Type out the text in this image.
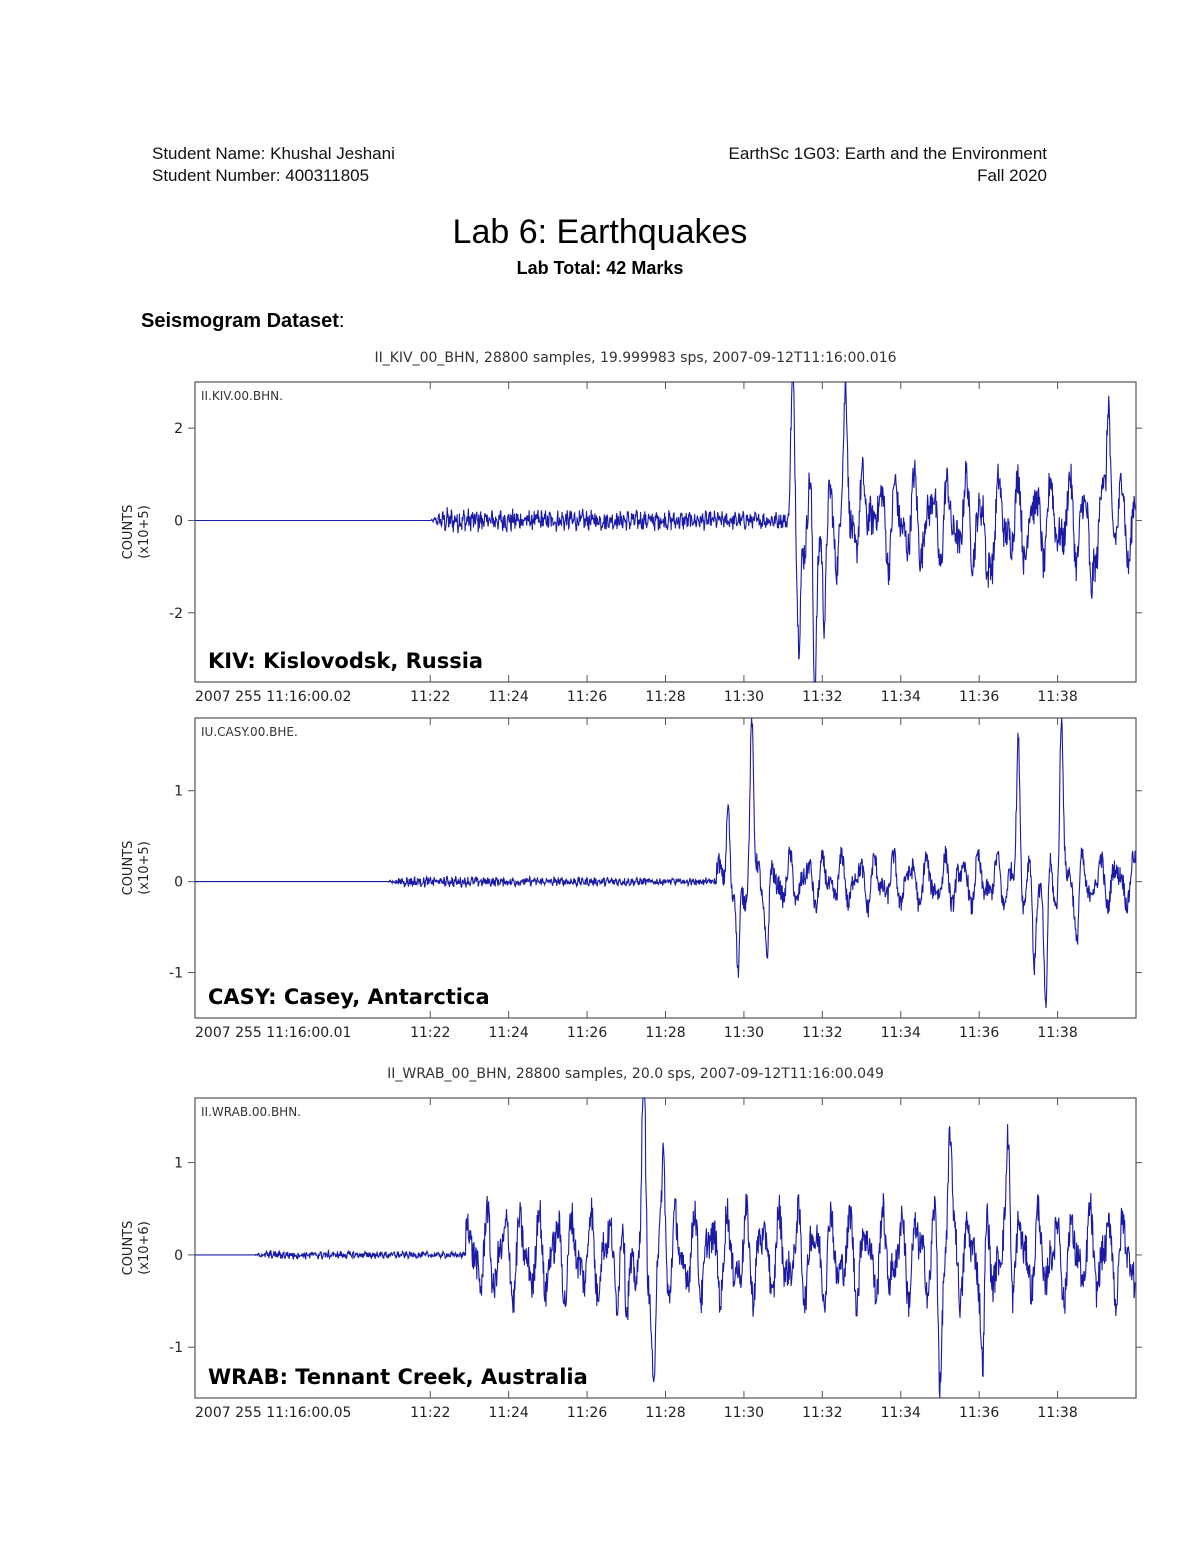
Student Name: Khushal Jeshani
Student Number: 400311805
EarthSc 1G03: Earth and the Environment
Fall 2020
Lab 6: Earthquakes
Lab Total: 42 Marks
Seismogram Dataset:
II_KIV_00_BHN, 28800 samples, 19.999983 sps, 2007-09-12T11:16:00.016
2007 255 11:16:00.02	11:22	11:24	11:26	11:28	11:30	11:32	11:34	11:36	11:38
2
0
-2
COUNTS (x10+5)
II.KIV.00.BHN.
KIV: Kislovodsk, Russia
2007 255 11:16:00.01	11:22	11:24	11:26	11:28	11:30	11:32	11:34	11:36	11:38
1
0
-1
COUNTS (x10+5)
IU.CASY.00.BHE.
CASY: Casey, Antarctica
II_WRAB_00_BHN, 28800 samples, 20.0 sps, 2007-09-12T11:16:00.049
2007 255 11:16:00.05	11:22	11:24	11:26	11:28	11:30	11:32	11:34	11:36	11:38
1
0
-1
COUNTS (x10+6)
II.WRAB.00.BHN.
WRAB: Tennant Creek, Australia
